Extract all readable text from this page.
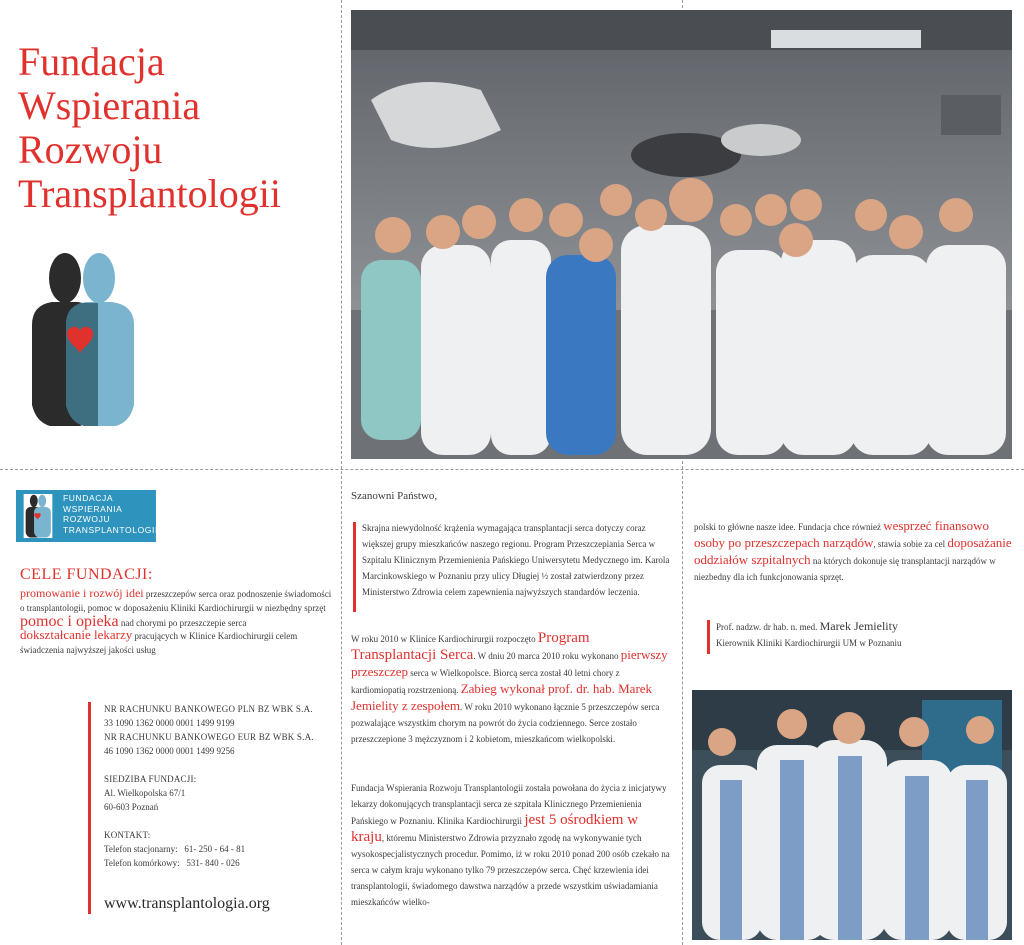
Fundacja
Wspierania
Rozwoju
Transplantologii
FUNDACJA
WSPIERANIA
ROZWOJU
TRANSPLANTOLOGII
CELE FUNDACJI:

promowanie i rozwój idei przeszczepów serca oraz podnoszenie świadomości o transplantologii, pomoc w doposażeniu Kliniki Kardiochirurgii w niezbędny sprzęt

pomoc i opieka nad chorymi po przeszczepie serca

dokształcanie lekarzy pracujących w Klinice Kardiochirurgii celem świadczenia najwyższej jakości usług

NR RACHUNKU BANKOWEGO PLN BZ WBK S.A.
33 1090 1362 0000 0001 1499 9199
NR RACHUNKU BANKOWEGO EUR BZ WBK S.A.
46 1090 1362 0000 0001 1499 9256
SIEDZIBA FUNDACJI:
Al. Wielkopolska 67/1
60-603 Poznań
KONTAKT:
Telefon stacjonarny:   61- 250 - 64 - 81
Telefon komórkowy:   531- 840 - 026
www.transplantologia.org
Szanowni Państwo,
Skrajna niewydolność krążenia wymagająca transplantacji serca dotyczy coraz większej grupy mieszkańców naszego regionu. Program Przeszczepiania Serca w Szpitalu Klinicznym Przemienienia Pańskiego Uniwersytetu Medycznego im. Karola Marcinkowskiego w Poznaniu przy ulicy Długiej ½ został zatwierdzony przez Ministerstwo Zdrowia celem zapewnienia najwyższych standardów leczenia.
W roku 2010 w Klinice Kardiochirurgii rozpoczęto Program Transplantacji Serca. W dniu 20 marca 2010 roku wykonano pierwszy przeszczep serca w Wielkopolsce. Biorcą serca został 40 letni chory z kardiomiopatią rozstrzenioną. Zabieg wykonał prof. dr. hab. Marek Jemielity z zespołem. W roku 2010 wykonano łącznie 5 przeszczepów serca pozwalające wszystkim chorym na powrót do życia codziennego. Serce zostało przeszczepione 3 mężczyznom i 2 kobietom, mieszkańcom wielkopolski.
Fundacja Wspierania Rozwoju Transplantologii została powołana do życia z inicjatywy lekarzy dokonujących transplantacji serca ze szpitala Klinicznego Przemienienia Pańskiego w Poznaniu. Klinika Kardiochirurgii jest 5 ośrodkiem w kraju, któremu Ministerstwo Zdrowia przyznało zgodę na wykonywanie tych wysokospecjalistycznych procedur. Pomimo, iż w roku 2010 ponad 200 osób czekało na serca w całym kraju wykonano tylko 79 przeszczepów serca. Chęć krzewienia idei transplantologii, świadomego dawstwa narządów a przede wszystkim uświadamiania mieszkańców wielko-
polski to główne nasze idee. Fundacja chce również wesprzeć finansowo osoby po przeszczepach narządów, stawia sobie za cel doposażanie oddziałów szpitalnych na których dokonuje się transplantacji narządów w niezbedny dla ich funkcjonowania sprzęt.
Prof. nadzw. dr hab. n. med. Marek Jemielity
Kierownik Kliniki Kardiochirurgii UM w Poznaniu
